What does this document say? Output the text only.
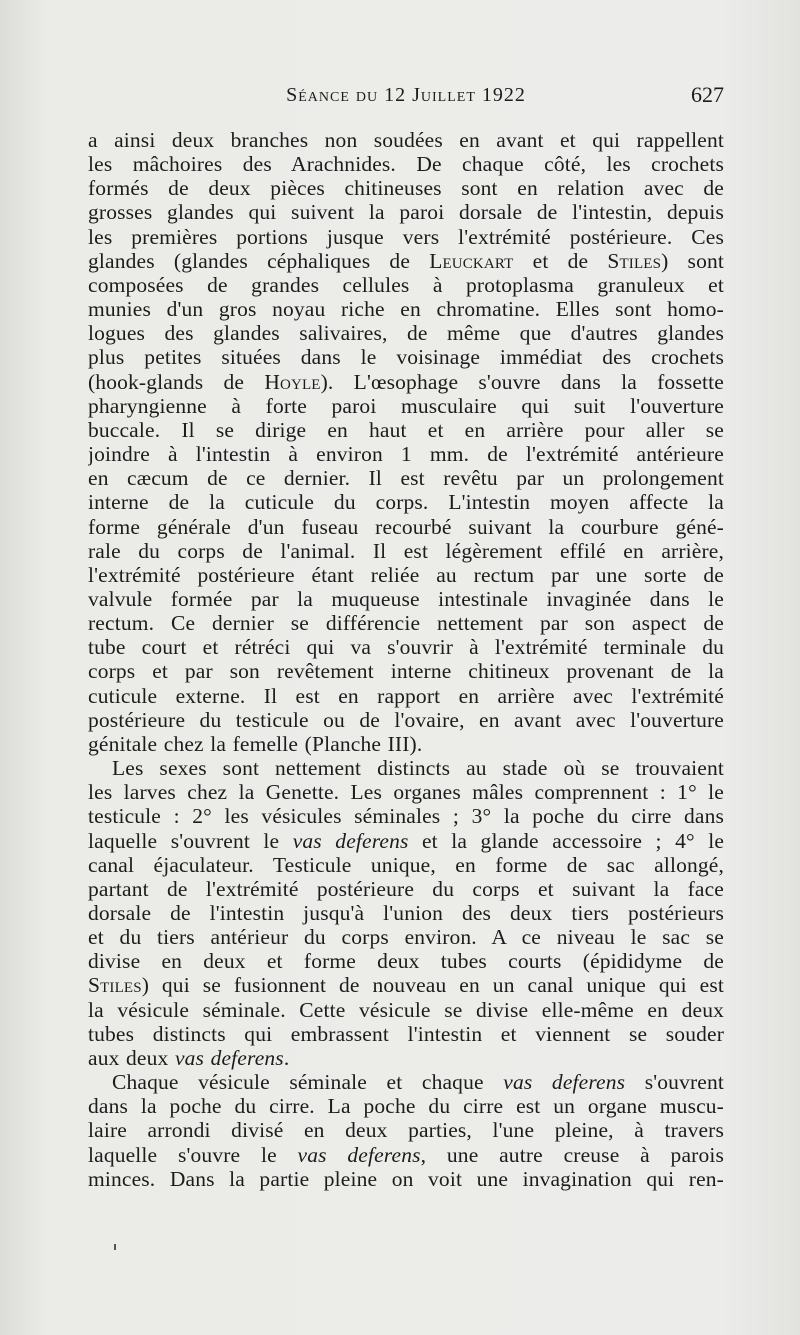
Séance du 12 Juillet 1922	627
a ainsi deux branches non soudées en avant et qui rappellent
les mâchoires des Arachnides. De chaque côté, les crochets
formés de deux pièces chitineuses sont en relation avec de
grosses glandes qui suivent la paroi dorsale de l'intestin, depuis
les premières portions jusque vers l'extrémité postérieure. Ces
glandes (glandes céphaliques de Leuckart et de Stiles) sont
composées de grandes cellules à protoplasma granuleux et
munies d'un gros noyau riche en chromatine. Elles sont homo-
logues des glandes salivaires, de même que d'autres glandes
plus petites situées dans le voisinage immédiat des crochets
(hook-glands de Hoyle). L'œsophage s'ouvre dans la fossette
pharyngienne à forte paroi musculaire qui suit l'ouverture
buccale. Il se dirige en haut et en arrière pour aller se
joindre à l'intestin à environ 1 mm. de l'extrémité antérieure
en cæcum de ce dernier. Il est revêtu par un prolongement
interne de la cuticule du corps. L'intestin moyen affecte la
forme générale d'un fuseau recourbé suivant la courbure géné-
rale du corps de l'animal. Il est légèrement effilé en arrière,
l'extrémité postérieure étant reliée au rectum par une sorte de
valvule formée par la muqueuse intestinale invaginée dans le
rectum. Ce dernier se différencie nettement par son aspect de
tube court et rétréci qui va s'ouvrir à l'extrémité terminale du
corps et par son revêtement interne chitineux provenant de la
cuticule externe. Il est en rapport en arrière avec l'extrémité
postérieure du testicule ou de l'ovaire, en avant avec l'ouverture
génitale chez la femelle (Planche III).
Les sexes sont nettement distincts au stade où se trouvaient
les larves chez la Genette. Les organes mâles comprennent : 1° le
testicule : 2° les vésicules séminales ; 3° la poche du cirre dans
laquelle s'ouvrent le vas deferens et la glande accessoire ; 4° le
canal éjaculateur. Testicule unique, en forme de sac allongé,
partant de l'extrémité postérieure du corps et suivant la face
dorsale de l'intestin jusqu'à l'union des deux tiers postérieurs
et du tiers antérieur du corps environ. A ce niveau le sac se
divise en deux et forme deux tubes courts (épididyme de
Stiles) qui se fusionnent de nouveau en un canal unique qui est
la vésicule séminale. Cette vésicule se divise elle-même en deux
tubes distincts qui embrassent l'intestin et viennent se souder
aux deux vas deferens.
Chaque vésicule séminale et chaque vas deferens s'ouvrent
dans la poche du cirre. La poche du cirre est un organe muscu-
laire arrondi divisé en deux parties, l'une pleine, à travers
laquelle s'ouvre le vas deferens, une autre creuse à parois
minces. Dans la partie pleine on voit une invagination qui ren-
